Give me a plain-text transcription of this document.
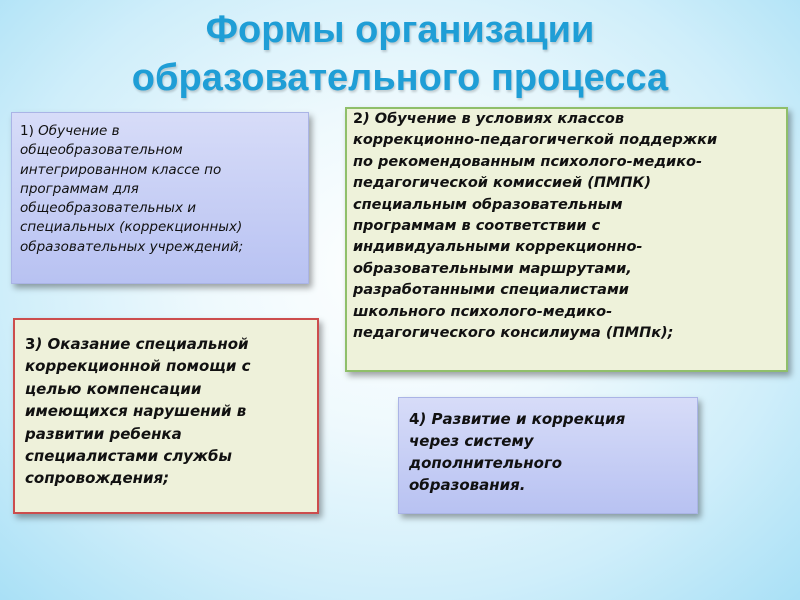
Формы организации
образовательного процесса
1) Обучение в
общеобразовательном
интегрированном классе по
программам для
общеобразовательных и
специальных (коррекционных)
образовательных учреждений;
2) Обучение в условиях классов
коррекционно-педагогичегкой поддержки
по рекомендованным психолого-медико-
педагогической комиссией (ПМПК)
специальным образовательным
программам в соответствии с
индивидуальными коррекционно-
образовательными маршрутами,
разработанными специалистами
школьного психолого-медико-
педагогического консилиума (ПМПк);
3) Оказание специальной
коррекционной помощи с
целью компенсации
имеющихся нарушений в
развитии ребенка
специалистами службы
сопровождения;
4) Развитие и коррекция
через систему
дополнительного
образования.
